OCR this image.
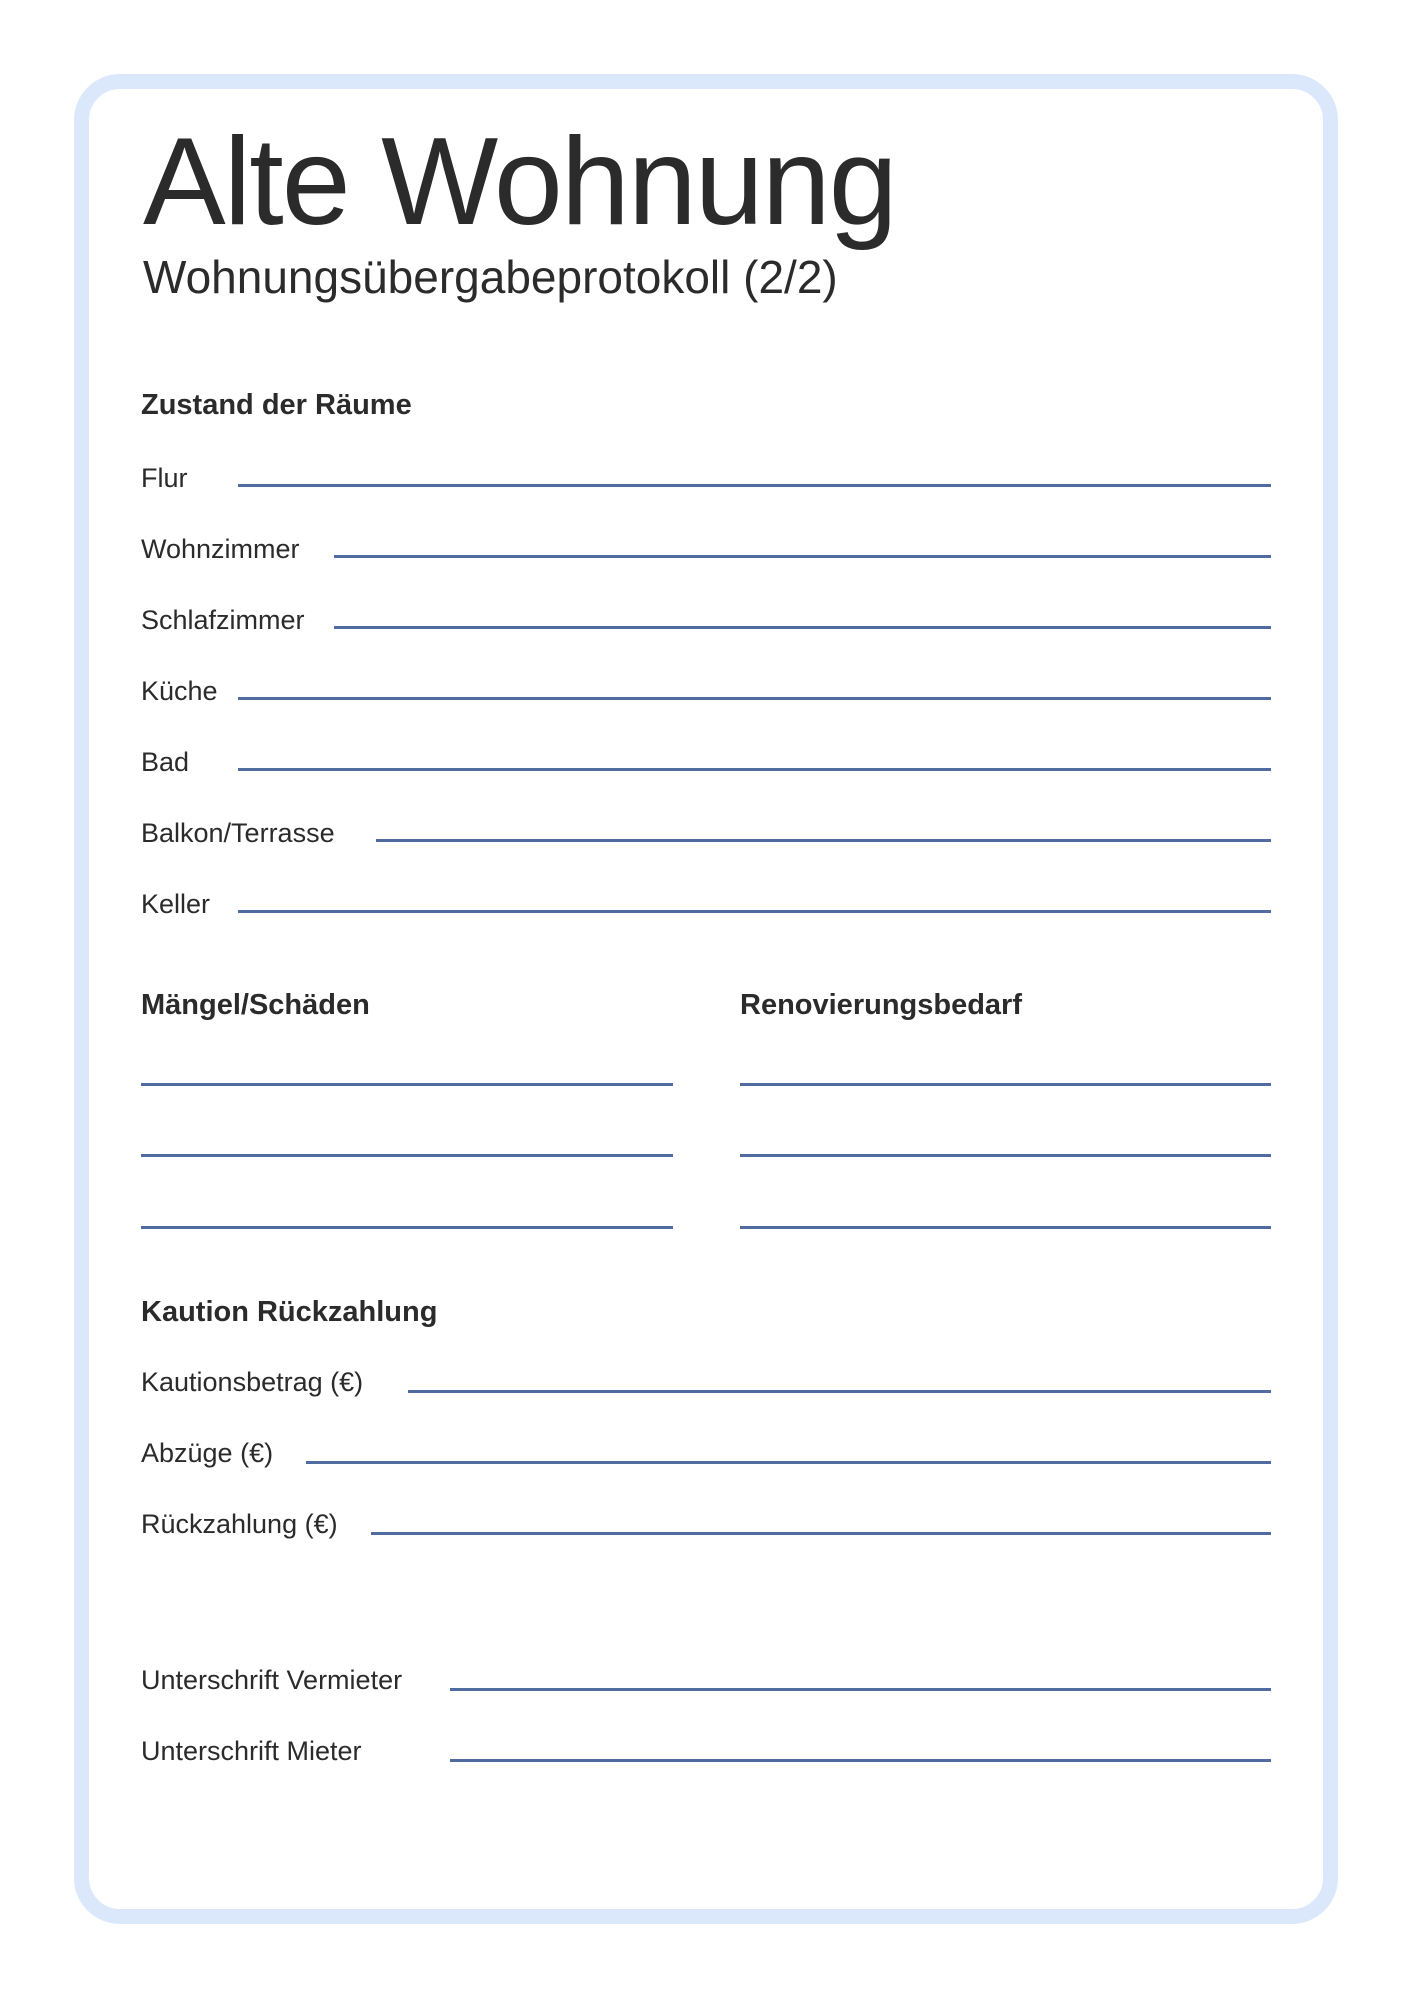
Alte Wohnung
Wohnungsübergabeprotokoll (2/2)
Zustand der Räume
Flur
Wohnzimmer
Schlafzimmer
Küche
Bad
Balkon/Terrasse
Keller
Mängel/Schäden	Renovierungsbedarf
Kaution Rückzahlung
Kautionsbetrag (€)
Abzüge (€)
Rückzahlung (€)
Unterschrift Vermieter
Unterschrift Mieter
